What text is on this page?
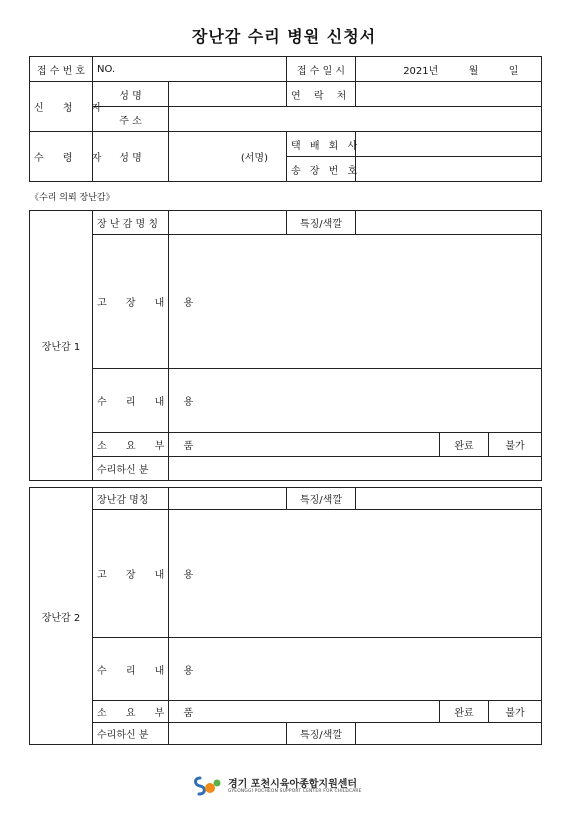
장난감 수리 병원 신청서
접 수 번 호	NO.		접 수 일 시	2021년 월 일
신 청 자	성 명		연 락 처	
	주 소			
수 령 자	성 명	(서명)	택 배 회 사	
			송 장 번 호	
《수리 의뢰 장난감》
장난감 1	장 난 감 명 칭		특징/색깔			
	고 장 내 용					
	수 리 내 용					
	소 요 부 품				완료	불가
	수리하신 분					
장난감 2	장난감 명칭		특징/색깔			
	고 장 내 용					
	수 리 내 용					
	소 요 부 품				완료	불가
	수리하신 분		특징/색깔			
경기 포천시육아종합지원센터
GYEONGGI POCHEON SUPPORT CENTER FOR CHILDCARE
